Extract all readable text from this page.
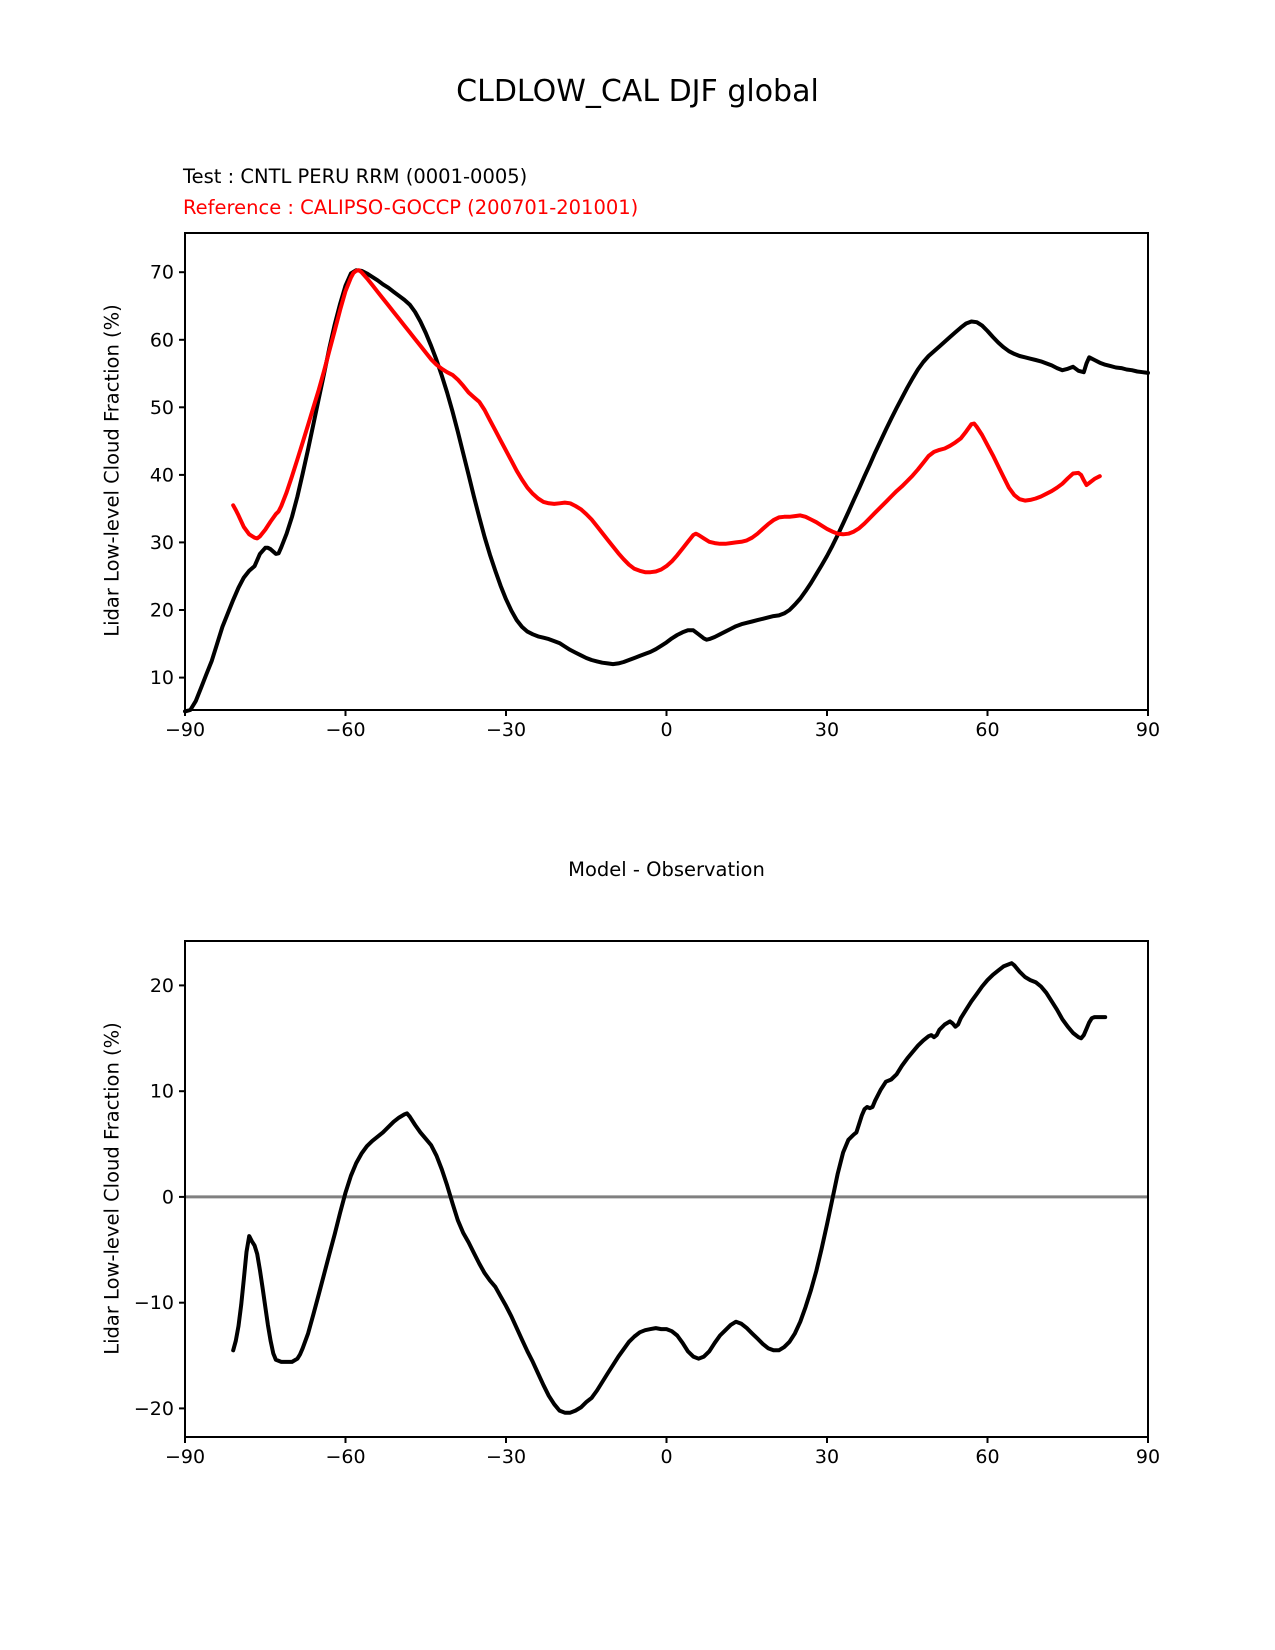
CLDLOW_CAL DJF global
Test : CNTL PERU RRM (0001-0005)
Reference : CALIPSO-GOCCP (200701-201001)
Lidar Low-level Cloud Fraction (%)
Model - Observation
Lidar Low-level Cloud Fraction (%)
−90	−60	−30	0	30	60	90
10
20
30
40
50
60
70
−90	−60	−30	0	30	60	90
−20
−10
0
10
20
